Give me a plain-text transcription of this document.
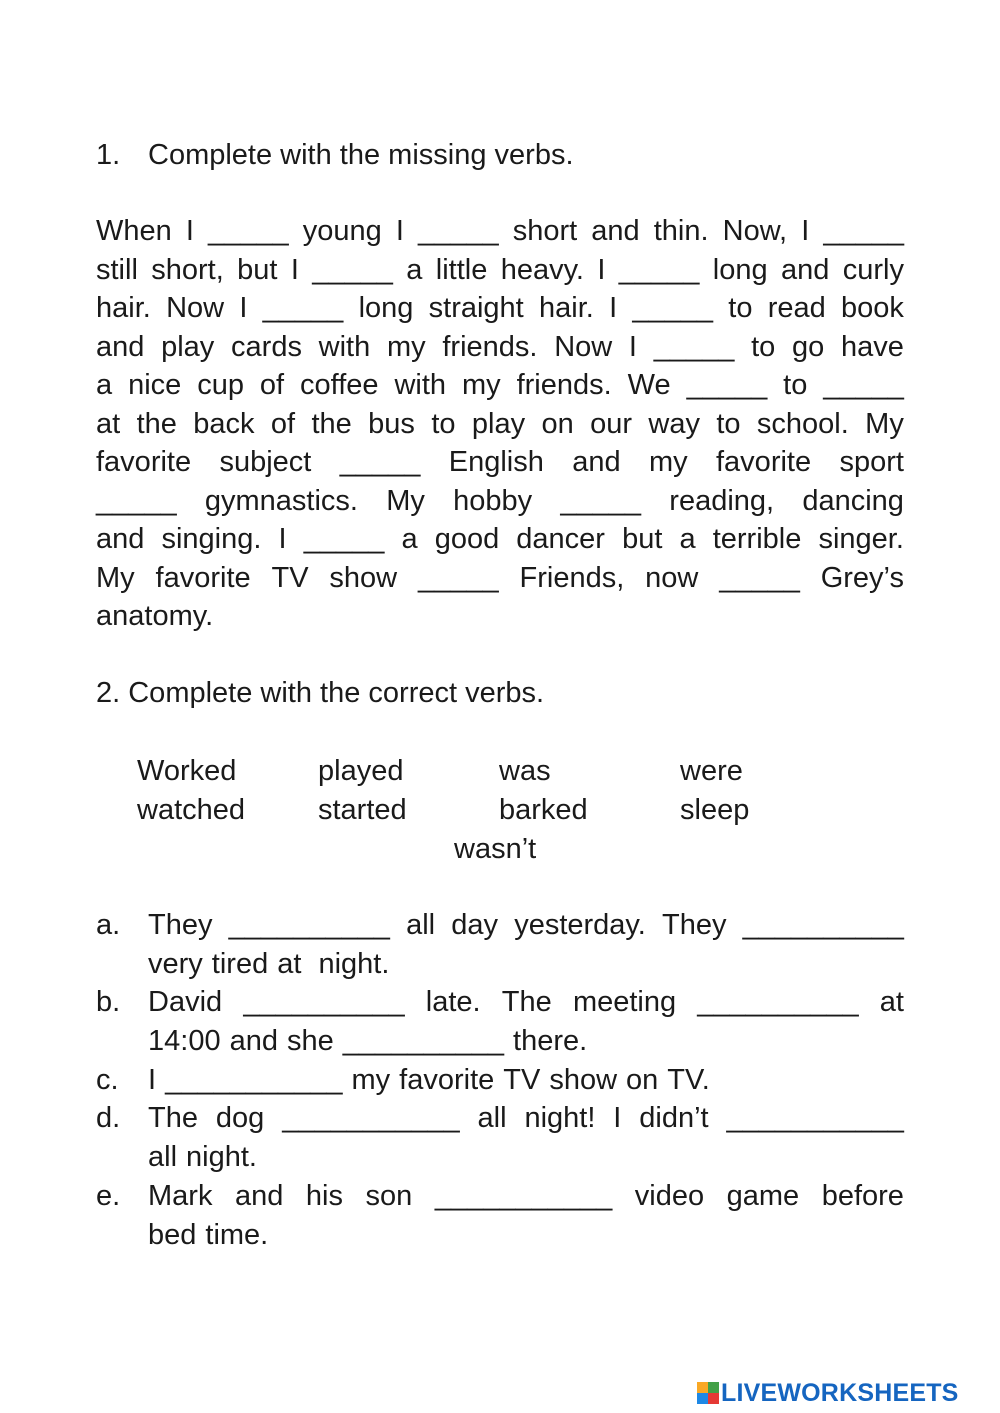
1. Complete with the missing verbs.
When I _____ young I _____ short and thin. Now, I _____
still short, but I _____ a little heavy. I _____ long and curly
hair. Now I _____ long straight hair. I _____ to read book
and play cards with my friends. Now I _____ to go have
a nice cup of coffee with my friends. We _____ to _____
at the back of the bus to play on our way to school. My
favorite subject _____ English and my favorite sport
_____ gymnastics. My hobby _____ reading, dancing
and singing. I _____ a good dancer but a terrible singer.
My favorite TV show _____ Friends, now _____ Grey’s
anatomy.
2. Complete with the correct verbs.
Worked	played	was	were
watched	started	barked	sleep
wasn’t
a. They __________ all day yesterday. They __________
very tired at night.
b. David __________ late. The meeting __________ at
14:00 and she __________ there.
c.	I ___________ my favorite TV show on TV.
d. The dog ___________ all night! I didn’t ___________
all night.
e. Mark and his son ___________ video game before
bed time.
LIVEWORKSHEETS
